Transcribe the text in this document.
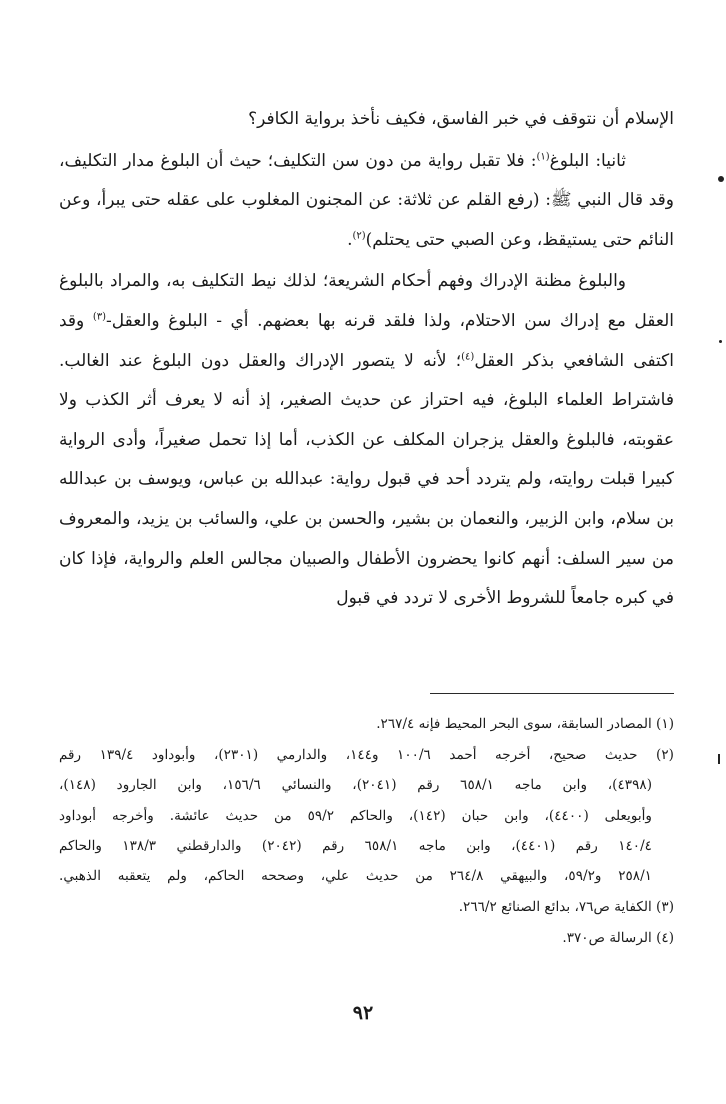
الإسلام أن نتوقف في خبر الفاسق، فكيف نأخذ برواية الكافر؟

ثانيا: البلوغ$^{(١)}$: فلا تقبل رواية من دون سن التكليف؛ حيث أن البلوغ مدار التكليف، وقد قال النبي ﷺ: (رفع القلم عن ثلاثة: عن المجنون المغلوب على عقله حتى يبرأ، وعن النائم حتى يستيقظ، وعن الصبي حتى يحتلم)$^{(٢)}$.

والبلوغ مظنة الإدراك وفهم أحكام الشريعة؛ لذلك نيط التكليف به، والمراد بالبلوغ العقل مع إدراك سن الاحتلام، ولذا فلقد قرنه بها بعضهم. أي - البلوغ والعقل-$^{(٣)}$ وقد اكتفى الشافعي بذكر العقل$^{(٤)}$؛ لأنه لا يتصور الإدراك والعقل دون البلوغ عند الغالب. فاشتراط العلماء البلوغ، فيه احتراز عن حديث الصغير، إذ أنه لا يعرف أثر الكذب ولا عقوبته، فالبلوغ والعقل يزجران المكلف عن الكذب، أما إذا تحمل صغيراً، وأدى الرواية كبيرا قبلت روايته، ولم يتردد أحد في قبول رواية: عبدالله بن عباس، ويوسف بن عبدالله بن سلام، وابن الزبير، والنعمان بن بشير، والحسن بن علي، والسائب بن يزيد، والمعروف من سير السلف: أنهم كانوا يحضرون الأطفال والصبيان مجالس العلم والرواية، فإذا كان في كبره جامعاً للشروط الأخرى لا تردد في قبول

(١) المصادر السابقة، سوى البحر المحيط فإنه ٢٦٧/٤.
(٢) حديث صحيح، أخرجه أحمد ١٠٠/٦ و١٤٤، والدارمي (٢٣٠١)، وأبوداود ١٣٩/٤ رقم
(٤٣٩٨)، وابن ماجه ٦٥٨/١ رقم (٢٠٤١)، والنسائي ١٥٦/٦، وابن الجارود (١٤٨)،
وأبويعلى (٤٤٠٠)، وابن حبان (١٤٢)، والحاكم ٥٩/٢ من حديث عائشة. وأخرجه أبوداود
١٤٠/٤ رقم (٤٤٠١)، وابن ماجه ٦٥٨/١ رقم (٢٠٤٢) والدارقطني ١٣٨/٣ والحاكم
٢٥٨/١ و٥٩/٢، والبيهقي ٢٦٤/٨ من حديث علي، وصححه الحاكم، ولم يتعقبه الذهبي.
(٣) الكفاية ص٧٦، بدائع الصنائع ٢٦٦/٢.
(٤) الرسالة ص٣٧٠.
٩٢
